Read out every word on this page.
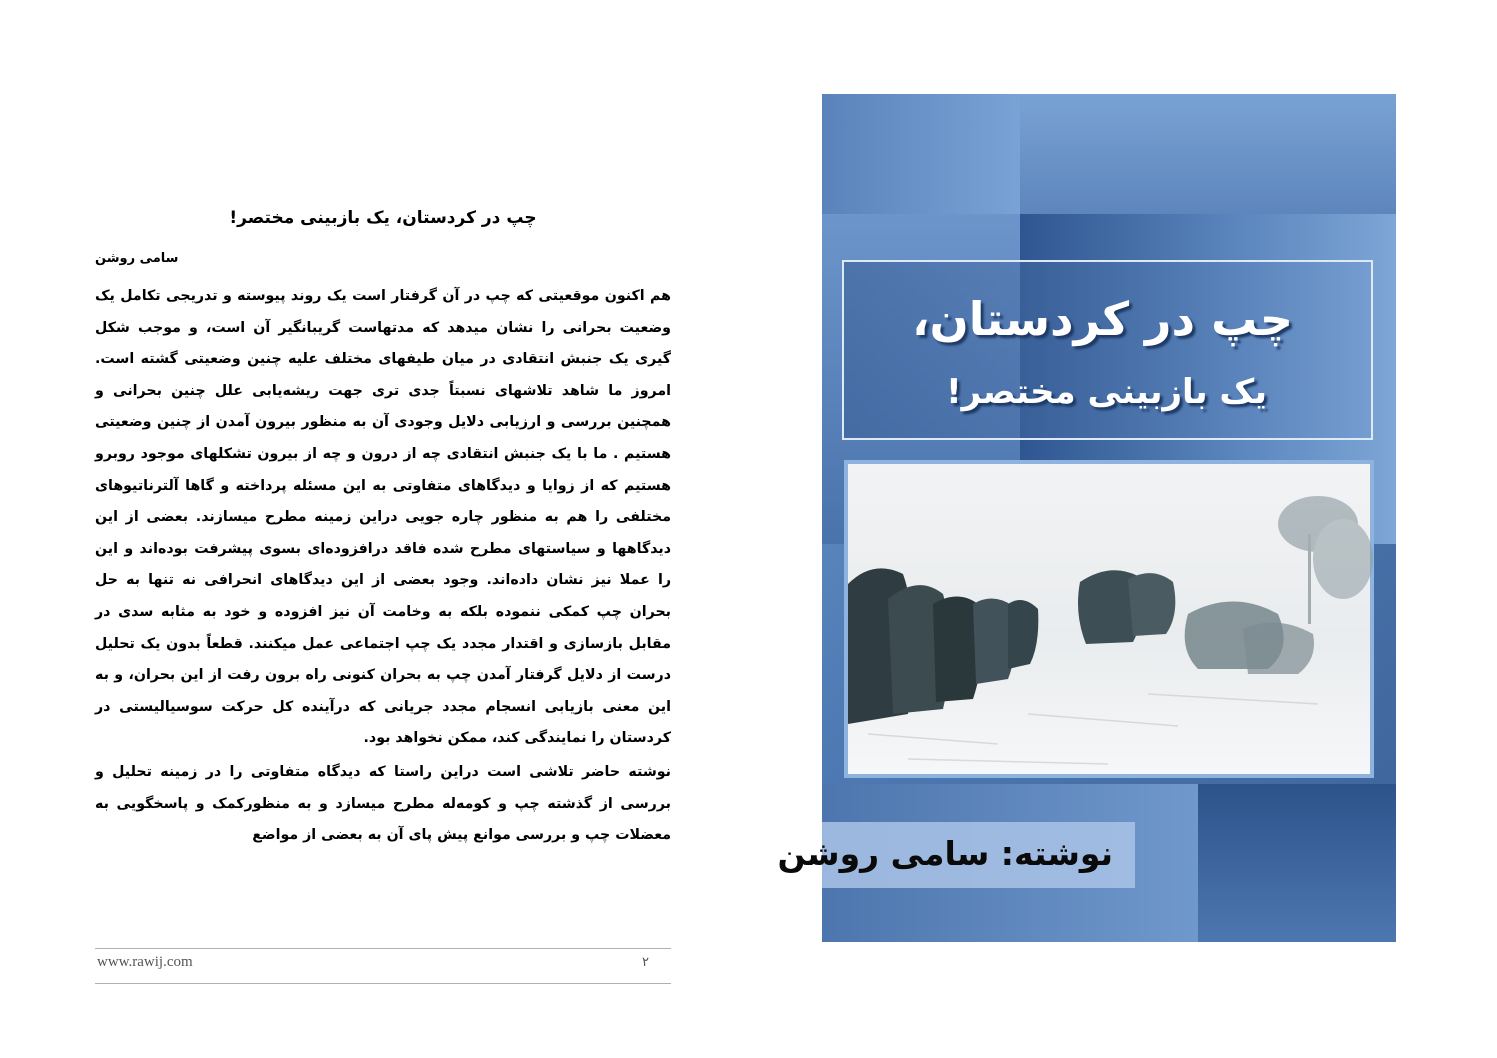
چپ در کردستان، یک بازبینی مختصر!
سامی روشن

هم اکنون موقعیتی که چپ در آن گرفتار است یک روند پیوسته و تدریجی تکامل یک وضعیت بحرانی را نشان میدهد که مدتهاست گریبانگیر آن است، و موجب شکل گیری یک جنبش انتقادی در میان طیفهای مختلف علیه چنین وضعیتی گشته است. امروز ما شاهد تلاشهای نسبتاً جدی تری جهت ریشه‌یابی علل چنین بحرانی و همچنین بررسی و ارزیابی دلایل وجودی آن به منظور بیرون آمدن از چنین وضعیتی هستیم . ما با یک جنبش انتقادی چه از درون و چه از بیرون تشکلهای موجود روبرو هستیم که از زوایا و دیدگاهای متفاوتی به این مسئله پرداخته و گاها آلترناتیوهای مختلفی را هم به منظور چاره جویی دراین زمینه مطرح میسازند. بعضی از این دیدگاهها و سیاستهای مطرح شده فاقد درافزوده‌ای بسوی پیشرفت بوده‌اند و این را عملا نیز نشان داده‌اند. وجود بعضی از این دیدگاهای انحرافی نه تنها به حل بحران چپ کمکی ننموده بلکه به وخامت آن نیز افزوده و خود به مثابه سدی در مقابل بازسازی و اقتدار مجدد یک چپ اجتماعی عمل میکنند. قطعاً بدون یک تحلیل درست از دلایل گرفتار آمدن چپ به بحران کنونی راه برون رفت از این بحران، و به این معنی بازیابی انسجام مجدد جریانی که درآینده کل حرکت سوسیالیستی در کردستان را نمایندگی کند، ممکن نخواهد بود.

نوشته حاضر تلاشی است دراین راستا که دیدگاه متفاوتی را در زمینه تحلیل و بررسی از گذشته چپ و کومه‌له مطرح میسازد و به منظورکمک و پاسخگویی به معضلات چپ و بررسی موانع پیش پای آن به بعضی از مواضع

www.rawij.com	۲
چپ در کردستان،
یک بازبینی مختصر!
نوشته: سامی روشن
